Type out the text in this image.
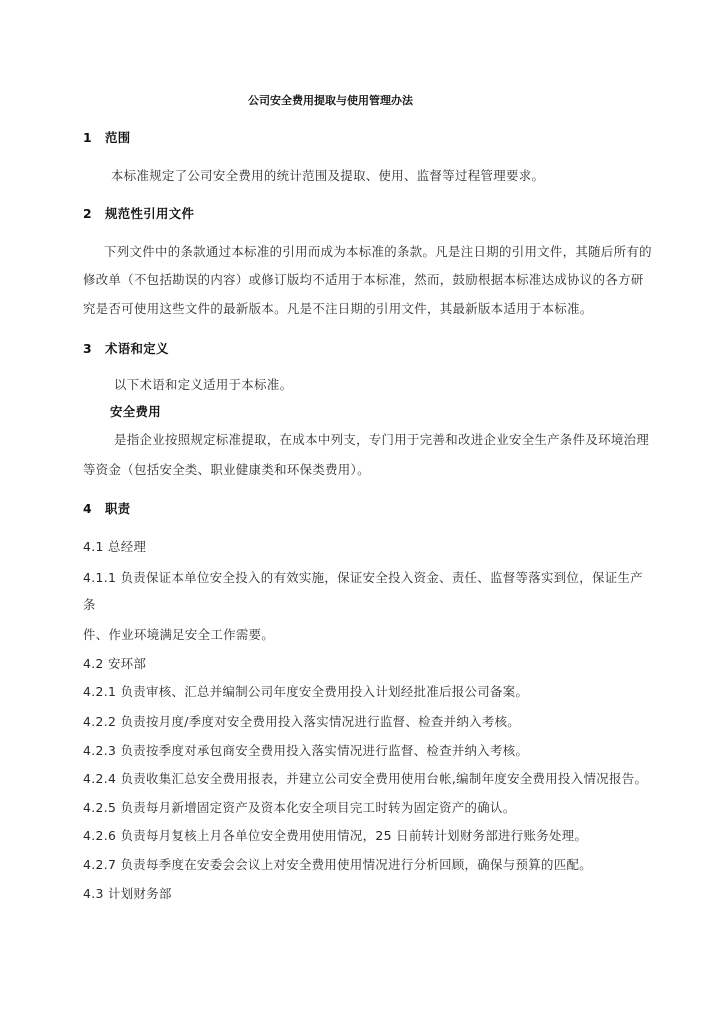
公司安全费用提取与使用管理办法
1 范围
本标准规定了公司安全费用的统计范围及提取、使用、监督等过程管理要求。
2 规范性引用文件
下列文件中的条款通过本标准的引用而成为本标准的条款。凡是注日期的引用文件，其随后所有的
修改单（不包括勘误的内容）或修订版均不适用于本标准，然而，鼓励根据本标准达成协议的各方研
究是否可使用这些文件的最新版本。凡是不注日期的引用文件，其最新版本适用于本标准。
3 术语和定义
以下术语和定义适用于本标准。
安全费用
是指企业按照规定标准提取，在成本中列支，专门用于完善和改进企业安全生产条件及环境治理
等资金（包括安全类、职业健康类和环保类费用）。
4 职责
4.1 总经理
4.1.1 负责保证本单位安全投入的有效实施，保证安全投入资金、责任、监督等落实到位，保证生产
条
件、作业环境满足安全工作需要。
4.2 安环部
4.2.1 负责审核、汇总并编制公司年度安全费用投入计划经批准后报公司备案。
4.2.2 负责按月度/季度对安全费用投入落实情况进行监督、检查并纳入考核。
4.2.3 负责按季度对承包商安全费用投入落实情况进行监督、检查并纳入考核。
4.2.4 负责收集汇总安全费用报表，并建立公司安全费用使用台帐,编制年度安全费用投入情况报告。
4.2.5 负责每月新增固定资产及资本化安全项目完工时转为固定资产的确认。
4.2.6 负责每月复核上月各单位安全费用使用情况，25 日前转计划财务部进行账务处理。
4.2.7 负责每季度在安委会会议上对安全费用使用情况进行分析回顾，确保与预算的匹配。
4.3 计划财务部
